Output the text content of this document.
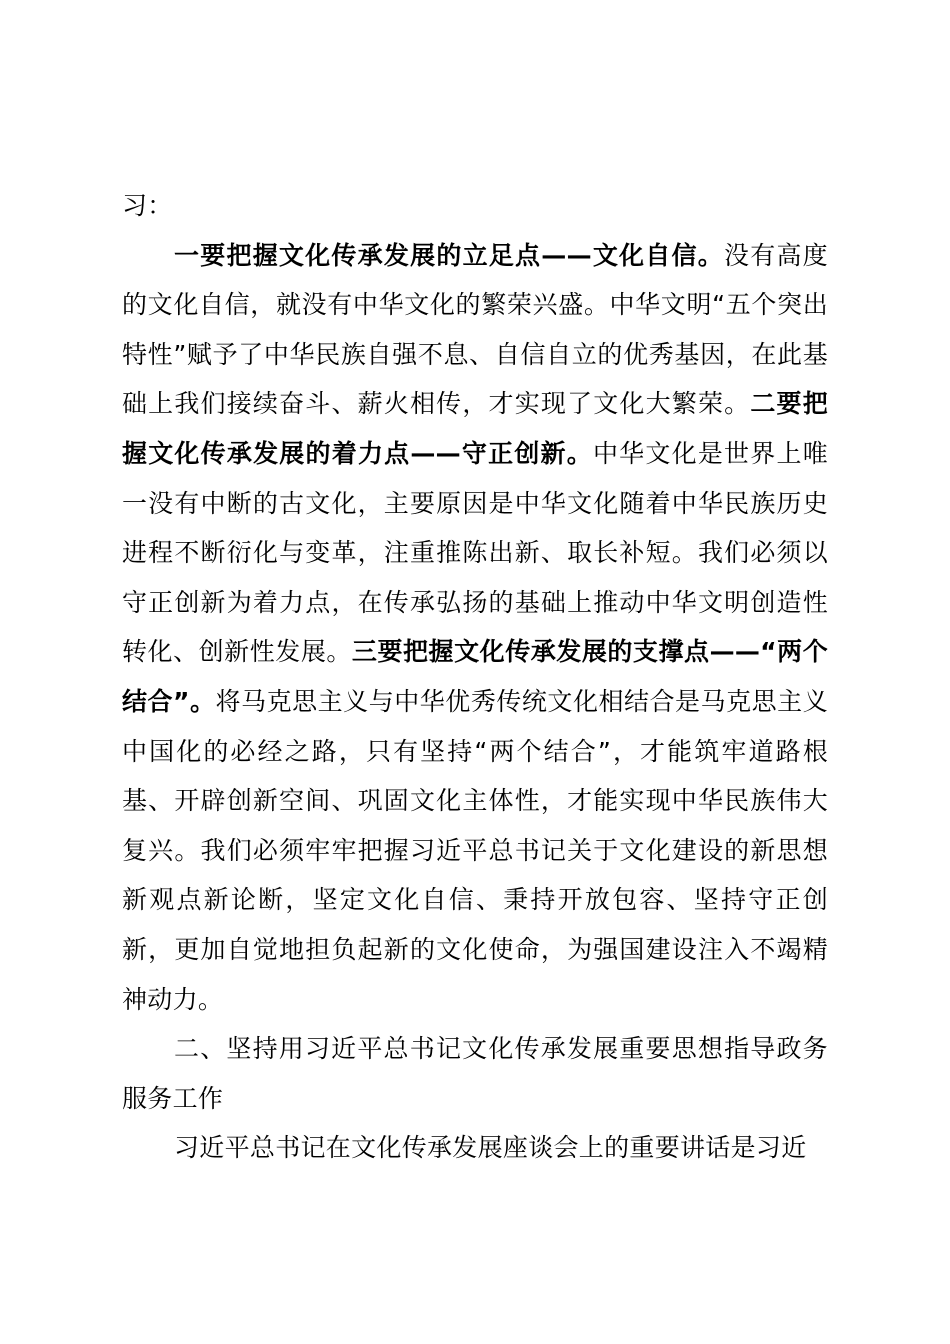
习：

一要把握文化传承发展的立足点——文化自信。没有高度的文化自信，就没有中华文化的繁荣兴盛。中华文明“五个突出特性”赋予了中华民族自强不息、自信自立的优秀基因，在此基础上我们接续奋斗、薪火相传，才实现了文化大繁荣。二要把握文化传承发展的着力点——守正创新。中华文化是世界上唯一没有中断的古文化，主要原因是中华文化随着中华民族历史进程不断衍化与变革，注重推陈出新、取长补短。我们必须以守正创新为着力点，在传承弘扬的基础上推动中华文明创造性转化、创新性发展。三要把握文化传承发展的支撑点——“两个结合”。将马克思主义与中华优秀传统文化相结合是马克思主义中国化的必经之路，只有坚持“两个结合”，才能筑牢道路根基、开辟创新空间、巩固文化主体性，才能实现中华民族伟大复兴。我们必须牢牢把握习近平总书记关于文化建设的新思想新观点新论断，坚定文化自信、秉持开放包容、坚持守正创新，更加自觉地担负起新的文化使命，为强国建设注入不竭精神动力。

二、坚持用习近平总书记文化传承发展重要思想指导政务服务工作

习近平总书记在文化传承发展座谈会上的重要讲话是习近
